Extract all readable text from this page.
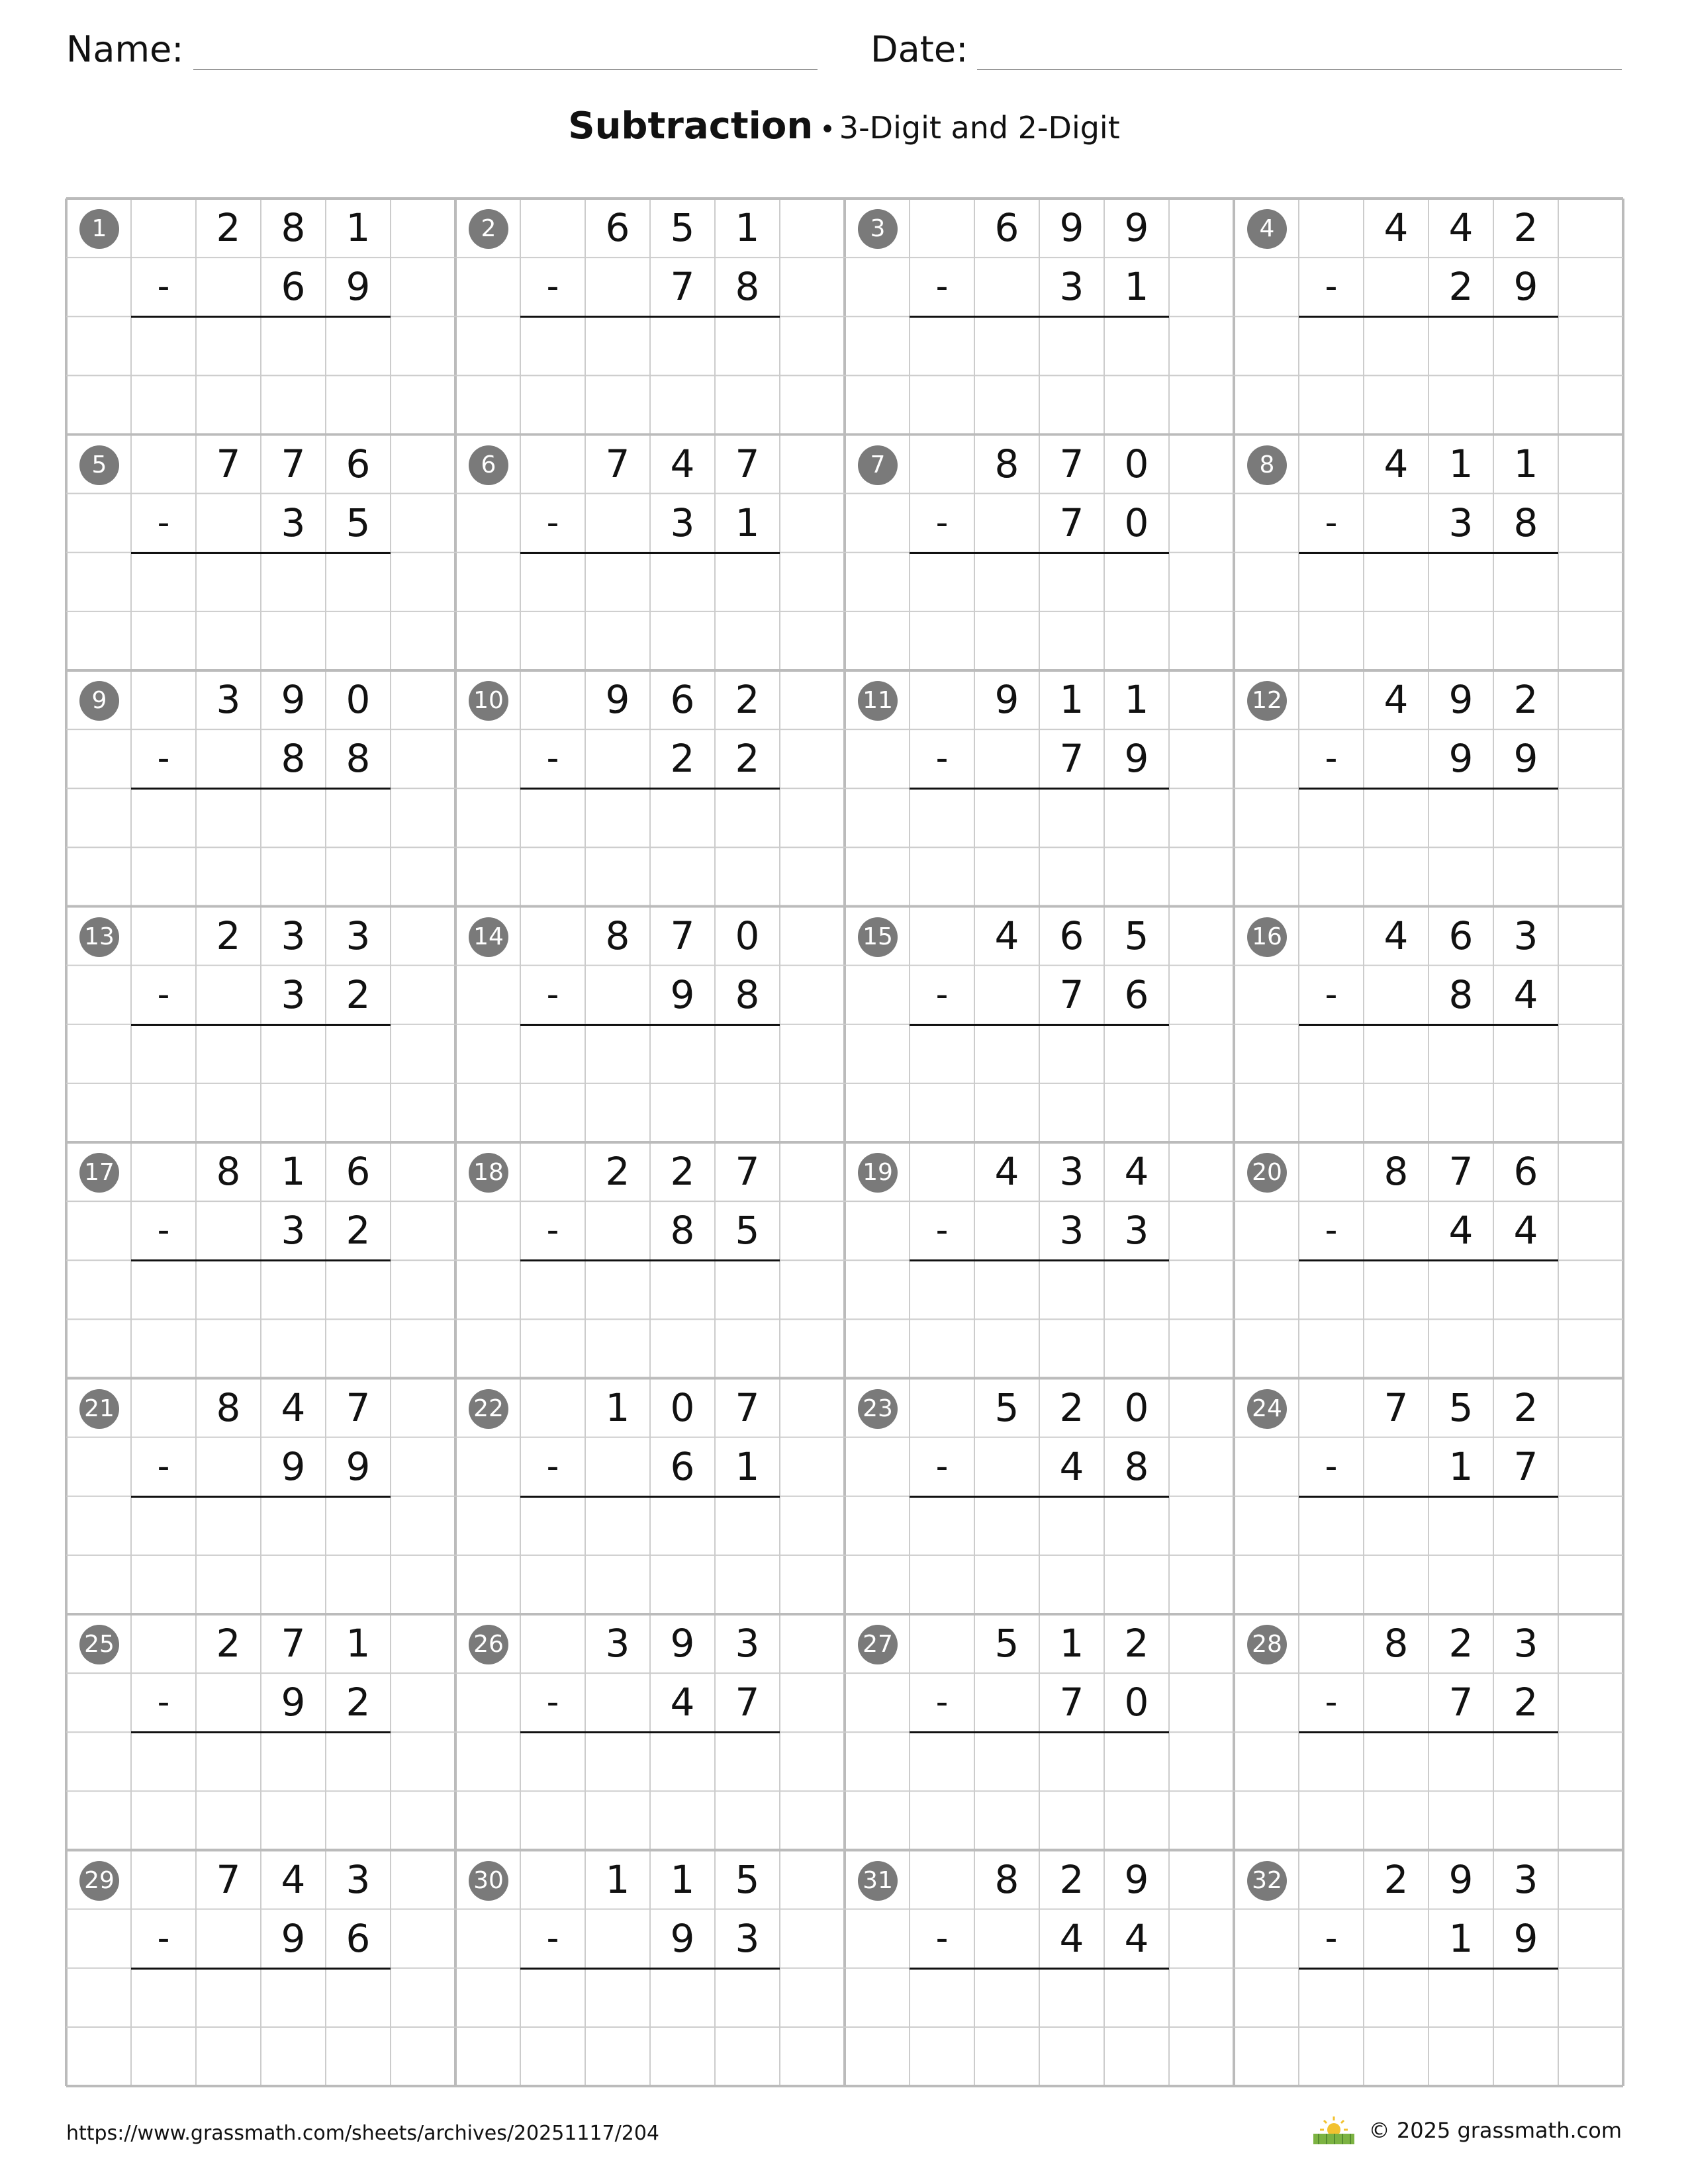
Name:	Date:
Subtraction • 3-Digit and 2-Digit
1	2	8	1
-	6	9
2	6	5	1
-	7	8
3	6	9	9
-	3	1
4	4	4	2
-	2	9
5	7	7	6
-	3	5
6	7	4	7
-	3	1
7	8	7	0
-	7	0
8	4	1	1
-	3	8
9	3	9	0
-	8	8
10	9	6	2
-	2	2
11	9	1	1
-	7	9
12	4	9	2
-	9	9
13	2	3	3
-	3	2
14	8	7	0
-	9	8
15	4	6	5
-	7	6
16	4	6	3
-	8	4
17	8	1	6
-	3	2
18	2	2	7
-	8	5
19	4	3	4
-	3	3
20	8	7	6
-	4	4
21	8	4	7
-	9	9
22	1	0	7
-	6	1
23	5	2	0
-	4	8
24	7	5	2
-	1	7
25	2	7	1
-	9	2
26	3	9	3
-	4	7
27	5	1	2
-	7	0
28	8	2	3
-	7	2
29	7	4	3
-	9	6
30	1	1	5
-	9	3
31	8	2	9
-	4	4
32	2	9	3
-	1	9
https://www.grassmath.com/sheets/archives/20251117/204	© 2025 grassmath.com
